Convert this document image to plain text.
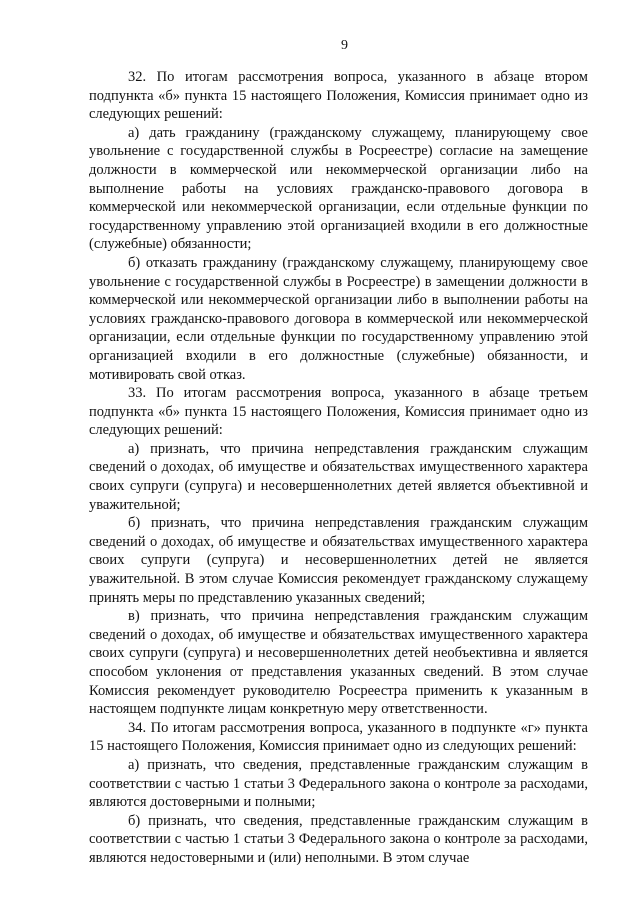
9

32. По итогам рассмотрения вопроса, указанного в абзаце втором подпункта «б» пункта 15 настоящего Положения, Комиссия принимает одно из следующих решений:

а) дать гражданину (гражданскому служащему, планирующему свое увольнение с государственной службы в Росреестре) согласие на замещение должности в коммерческой или некоммерческой организации либо на выполнение работы на условиях гражданско-правового договора в коммерческой или некоммерческой организации, если отдельные функции по государственному управлению этой организацией входили в его должностные (служебные) обязанности;

б) отказать гражданину (гражданскому служащему, планирующему свое увольнение с государственной службы в Росреестре) в замещении должности в коммерческой или некоммерческой организации либо в выполнении работы на условиях гражданско-правового договора в коммерческой или некоммерческой организации, если отдельные функции по государственному управлению этой организацией входили в его должностные (служебные) обязанности, и мотивировать свой отказ.

33. По итогам рассмотрения вопроса, указанного в абзаце третьем подпункта «б» пункта 15 настоящего Положения, Комиссия принимает одно из следующих решений:

а) признать, что причина непредставления гражданским служащим сведений о доходах, об имуществе и обязательствах имущественного характера своих супруги (супруга) и несовершеннолетних детей является объективной и уважительной;

б) признать, что причина непредставления гражданским служащим сведений о доходах, об имуществе и обязательствах имущественного характера своих супруги (супруга) и несовершеннолетних детей не является уважительной. В этом случае Комиссия рекомендует гражданскому служащему принять меры по представлению указанных сведений;

в) признать, что причина непредставления гражданским служащим сведений о доходах, об имуществе и обязательствах имущественного характера своих супруги (супруга) и несовершеннолетних детей необъективна и является способом уклонения от представления указанных сведений. В этом случае Комиссия рекомендует руководителю Росреестра применить к указанным в настоящем подпункте лицам конкретную меру ответственности.

34. По итогам рассмотрения вопроса, указанного в подпункте «г» пункта 15 настоящего Положения, Комиссия принимает одно из следующих решений:

а) признать, что сведения, представленные гражданским служащим в соответствии с частью 1 статьи 3 Федерального закона о контроле за расходами, являются достоверными и полными;

б) признать, что сведения, представленные гражданским служащим в соответствии с частью 1 статьи 3 Федерального закона о контроле за расходами, являются недостоверными и (или) неполными. В этом случае
